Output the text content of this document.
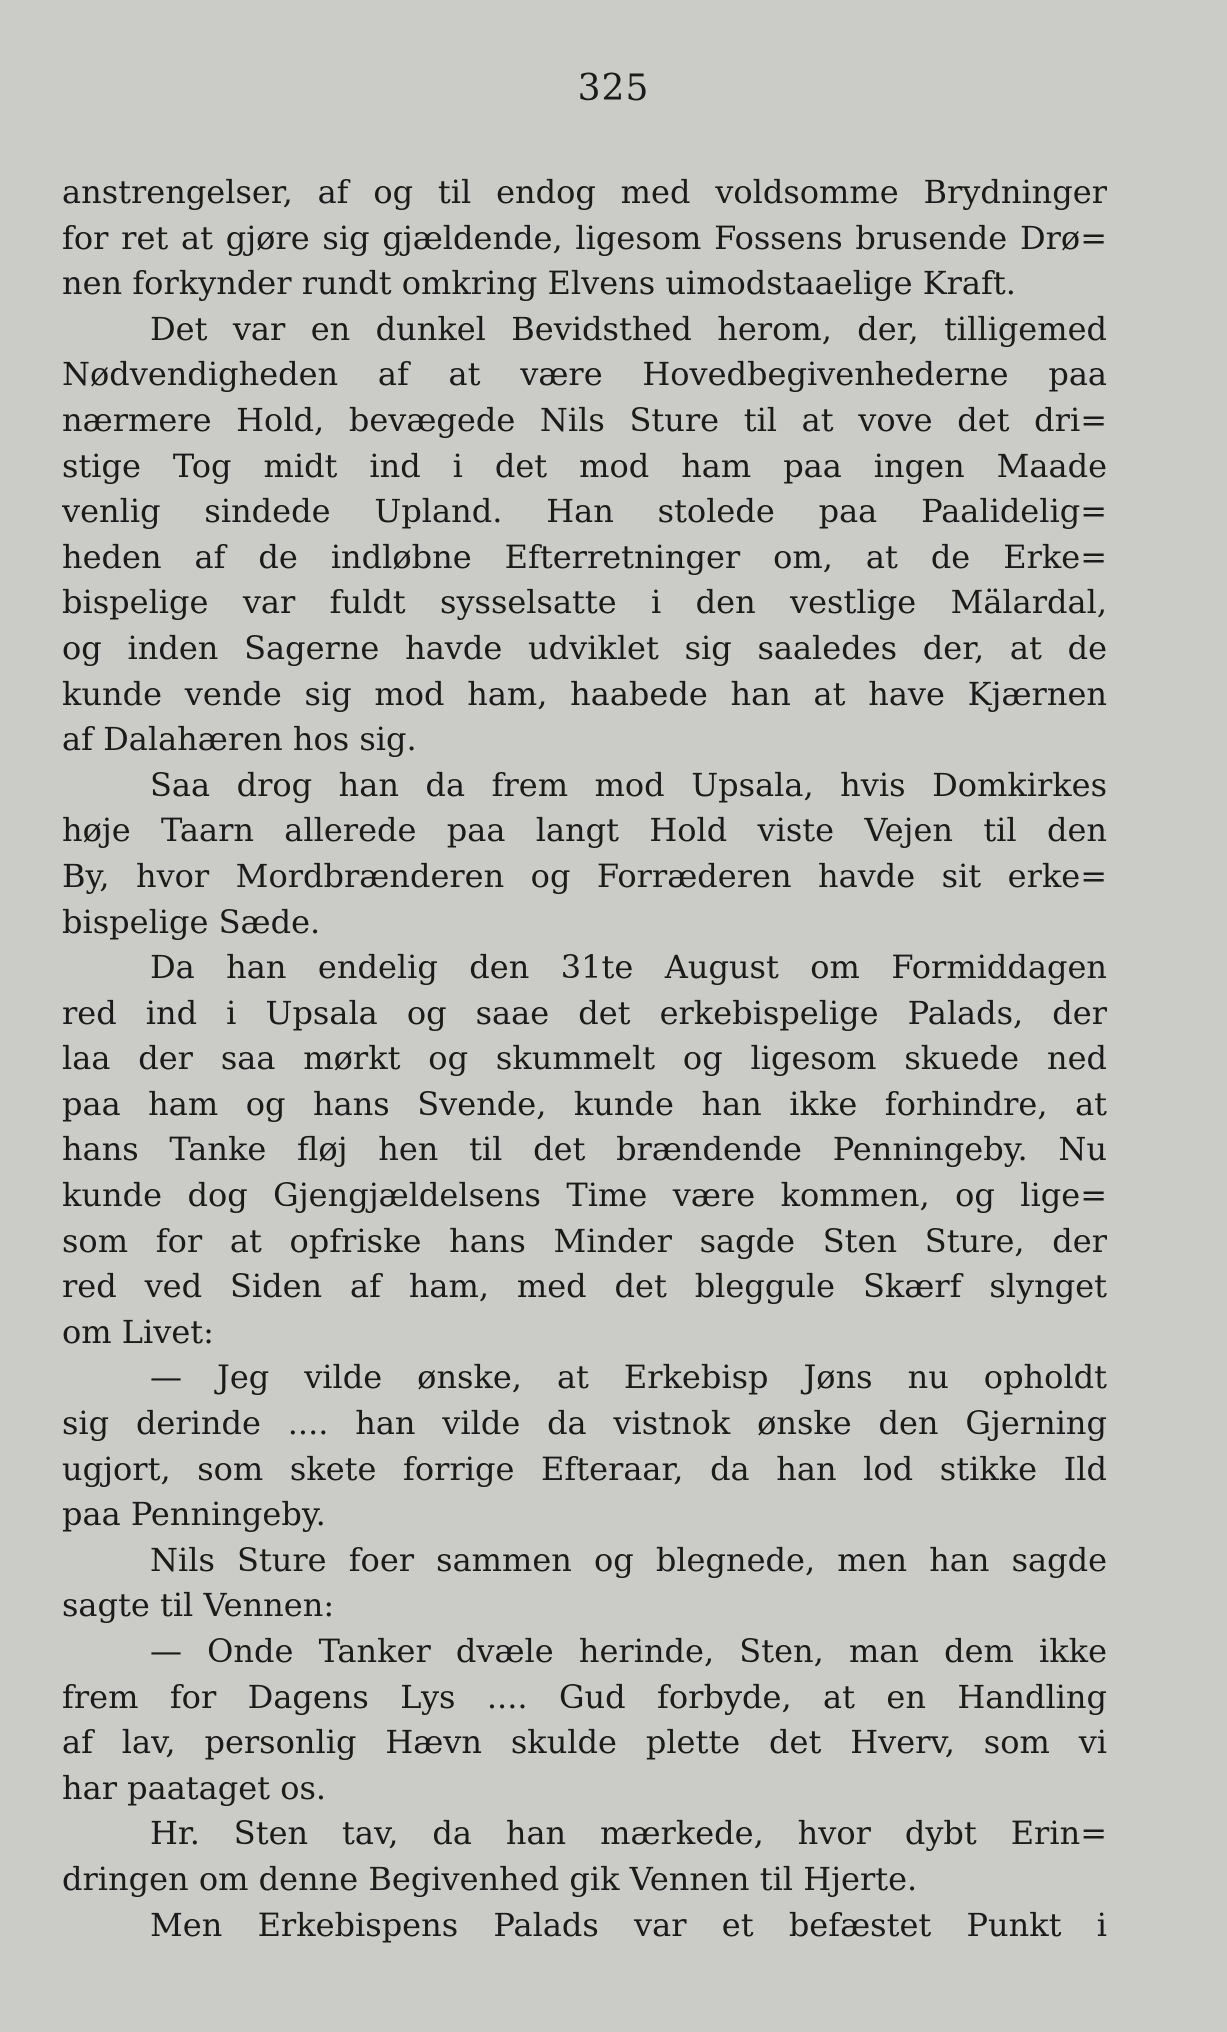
325
anstrengelser, af og til endog med voldsomme Brydninger
for ret at gjøre sig gjældende, ligesom Fossens brusende Drø=
nen forkynder rundt omkring Elvens uimodstaaelige Kraft.
Det var en dunkel Bevidsthed herom, der, tilligemed
Nødvendigheden af at være Hovedbegivenhederne paa
nærmere Hold, bevægede Nils Sture til at vove det dri=
stige Tog midt ind i det mod ham paa ingen Maade
venlig sindede Upland. Han stolede paa Paalidelig=
heden af de indløbne Efterretninger om, at de Erke=
bispelige var fuldt sysselsatte i den vestlige Mälardal,
og inden Sagerne havde udviklet sig saaledes der, at de
kunde vende sig mod ham, haabede han at have Kjærnen
af Dalahæren hos sig.
Saa drog han da frem mod Upsala, hvis Domkirkes
høje Taarn allerede paa langt Hold viste Vejen til den
By, hvor Mordbrænderen og Forræderen havde sit erke=
bispelige Sæde.
Da han endelig den 31te August om Formiddagen
red ind i Upsala og saae det erkebispelige Palads, der
laa der saa mørkt og skummelt og ligesom skuede ned
paa ham og hans Svende, kunde han ikke forhindre, at
hans Tanke fløj hen til det brændende Penningeby. Nu
kunde dog Gjengjældelsens Time være kommen, og lige=
som for at opfriske hans Minder sagde Sten Sture, der
red ved Siden af ham, med det bleggule Skærf slynget
om Livet:
— Jeg vilde ønske, at Erkebisp Jøns nu opholdt
sig derinde .... han vilde da vistnok ønske den Gjerning
ugjort, som skete forrige Efteraar, da han lod stikke Ild
paa Penningeby.
Nils Sture foer sammen og blegnede, men han sagde
sagte til Vennen:
— Onde Tanker dvæle herinde, Sten, man dem ikke
frem for Dagens Lys .... Gud forbyde, at en Handling
af lav, personlig Hævn skulde plette det Hverv, som vi
har paataget os.
Hr. Sten tav, da han mærkede, hvor dybt Erin=
dringen om denne Begivenhed gik Vennen til Hjerte.
Men Erkebispens Palads var et befæstet Punkt i
